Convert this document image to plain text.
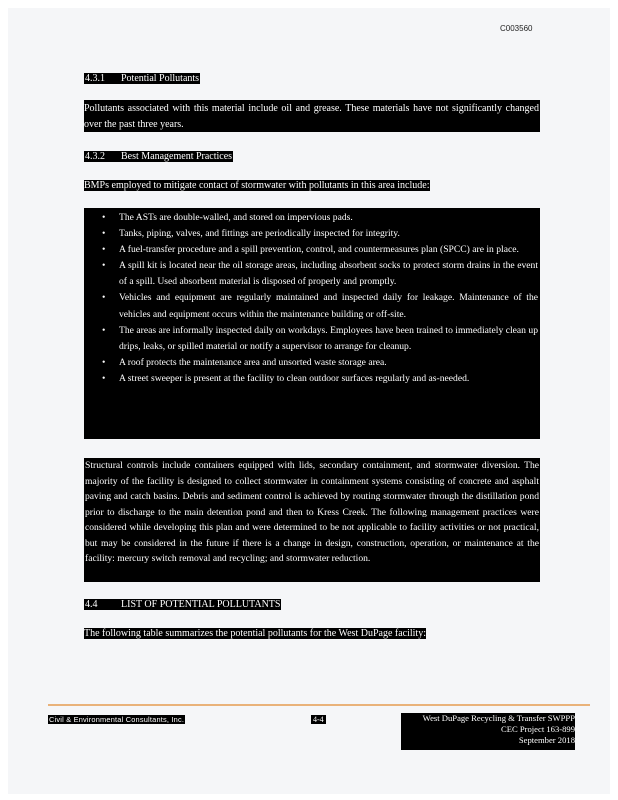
C003560
4.3.1 Potential Pollutants
Pollutants associated with this material include oil and grease. These materials have not significantly changed over the past three years.
4.3.2 Best Management Practices
BMPs employed to mitigate contact of stormwater with pollutants in this area include:
• The ASTs are double-walled, and stored on impervious pads.
• Tanks, piping, valves, and fittings are periodically inspected for integrity.
• A fuel-transfer procedure and a spill prevention, control, and countermeasures plan (SPCC) are in place.
• A spill kit is located near the oil storage areas, including absorbent socks to protect storm drains in the event of a spill. Used absorbent material is disposed of properly and promptly.
• Vehicles and equipment are regularly maintained and inspected daily for leakage. Maintenance of the vehicles and equipment occurs within the maintenance building or off-site.
• The areas are informally inspected daily on workdays. Employees have been trained to immediately clean up drips, leaks, or spilled material or notify a supervisor to arrange for cleanup.
• A roof protects the maintenance area and unsorted waste storage area.
• A street sweeper is present at the facility to clean outdoor surfaces regularly and as-needed.
Structural controls include containers equipped with lids, secondary containment, and stormwater diversion. The majority of the facility is designed to collect stormwater in containment systems consisting of concrete and asphalt paving and catch basins. Debris and sediment control is achieved by routing stormwater through the distillation pond prior to discharge to the main detention pond and then to Kress Creek. The following management practices were considered while developing this plan and were determined to be not applicable to facility activities or not practical, but may be considered in the future if there is a change in design, construction, operation, or maintenance at the facility: mercury switch removal and recycling; and stormwater reduction.
4.4 LIST OF POTENTIAL POLLUTANTS
The following table summarizes the potential pollutants for the West DuPage facility:
Civil & Environmental Consultants, Inc.	4-4	West DuPage Recycling & Transfer SWPPP
CEC Project 163-899
September 2018
